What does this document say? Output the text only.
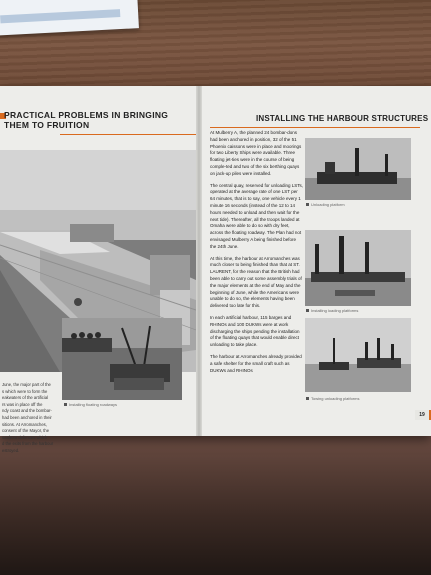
PRACTICAL PROBLEMS IN BRINGING
THEM TO FRUITION

June, the major part of the

s which were to form the

eakwaters of the artificial

rs was in place off the

ndy coast and the bombar-

had been anchored in their

sitions. At Arromanches,

consent of the Mayor, the

seafront defences which

d the exits from the harbour

estroyed.

Installing floating roadways
INSTALLING THE HARBOUR STRUCTURES

At Mulberry A, the planned 24 bombar-dons had been anchored in position, 32 of the 51 Phoenix caissons were in place and moorings for two Liberty Ships were available. Three floating jet-ties were in the course of being comple-ted and two of the six berthing quays on jack-up piles were installed.

The central quay, reserved for unloading LSTs, operated at the average rate of one LST per 64 minutes, that is to say, one vehicle every 1 minute 16 seconds (instead of the 12 to 14 hours needed to unload and then wait for the next tide). Thereafter, all the troops landed at Omaha were able to do so with dry feet, across the floating roadway. The Plan had not envisaged Mulberry A being finished before the 24th June.

At this time, the harbour at Arromanches was much closer to being finished than that at ST. LAURENT, for the reason that the British had been able to carry out some assembly trials of the major elements at the end of May and the beginning of June, while the Americans were unable to do so, the elements having been delivered too late for this.

In each artificial harbour, 115 barges and RHINOs and 100 DUKWs were at work discharging the ships pending the installation of the floating quays that would enable direct unloading to take place.

The harbour at Arromanches already provided a safe shelter for the small craft such as DUKWs and RHINOs

Unloading platform
Installing loading platforms
Towing unloading platforms
19
